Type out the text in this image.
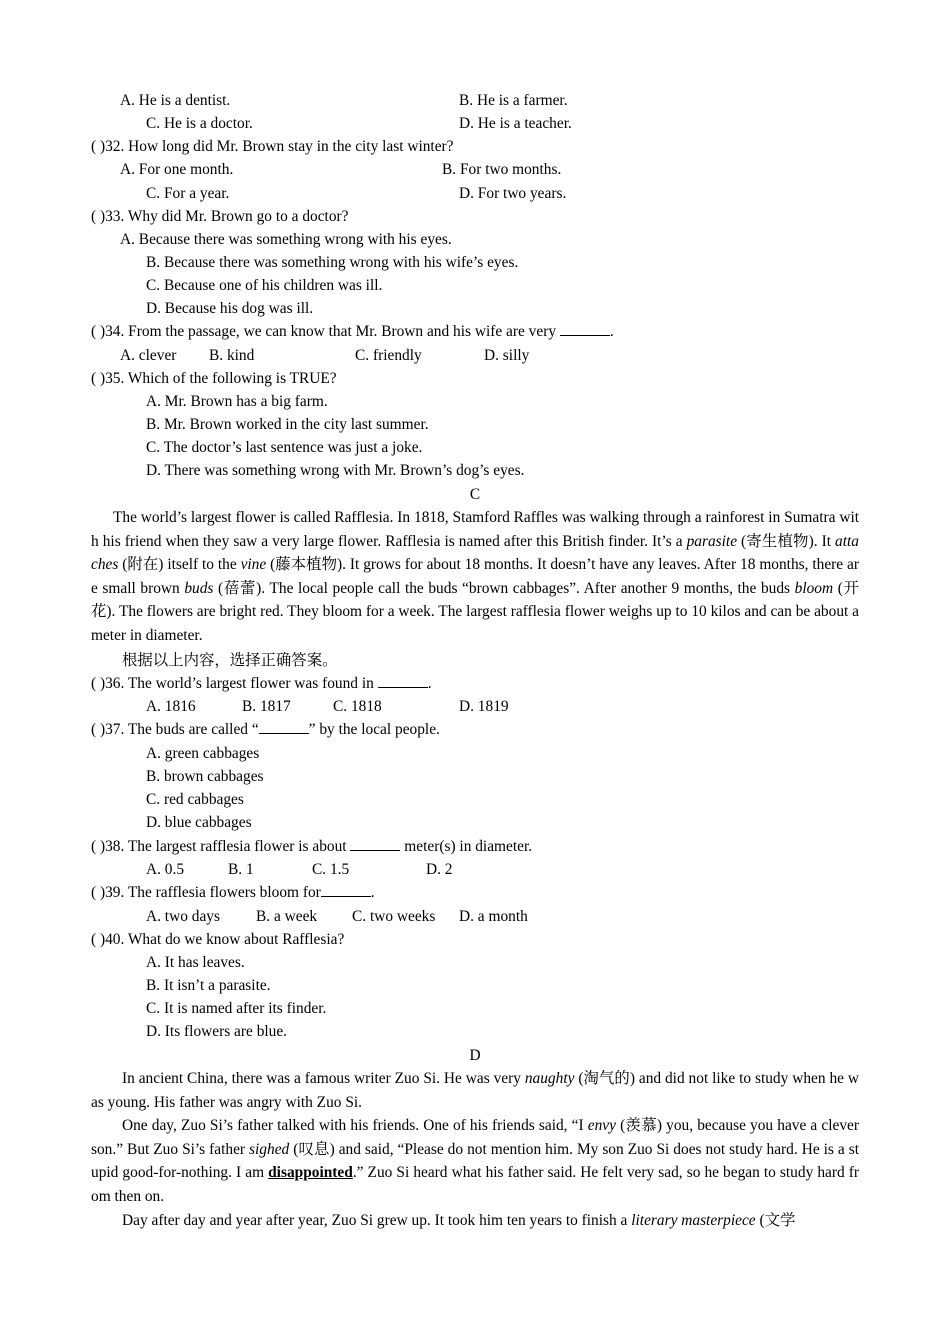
A. He is a dentist.	B. He is a farmer.
C. He is a doctor.	D. He is a teacher.
( )32. How long did Mr. Brown stay in the city last winter?
A. For one month.	B. For two months.
C. For a year.	D. For two years.
( )33. Why did Mr. Brown go to a doctor?
A. Because there was something wrong with his eyes.
B. Because there was something wrong with his wife’s eyes.
C. Because one of his children was ill.
D. Because his dog was ill.
( )34. From the passage, we can know that Mr. Brown and his wife are very	.
A. clever B. kind	C. friendly	D. silly
( )35. Which of the following is TRUE?
A. Mr. Brown has a big farm.
B. Mr. Brown worked in the city last summer.
C. The doctor’s last sentence was just a joke.
D. There was something wrong with Mr. Brown’s dog’s eyes.
C
The world’s largest flower is called Rafflesia. In 1818, Stamford Raffles was walking through a rainforest in Sumatra with his friend when they saw a very large flower. Rafflesia is named after this British finder. It’s a parasite (寄生植物). It attaches (附在) itself to the vine (藤本植物). It grows for about 18 months. It doesn’t have any leaves. After 18 months, there are small brown buds (蓓蕾). The local people call the buds “brown cabbages”. After another 9 months, the buds bloom (开花). The flowers are bright red. They bloom for a week. The largest rafflesia flower weighs up to 10 kilos and can be about a meter in diameter.
根据以上内容，选择正确答案。
( )36. The world’s largest flower was found in	.
A. 1816	B. 1817	C. 1818	D. 1819
( )37. The buds are called “	” by the local people.
A. green cabbages
B. brown cabbages
C. red cabbages
D. blue cabbages
( )38. The largest rafflesia flower is about	meter(s) in diameter.
A. 0.5	B. 1	C. 1.5	D. 2
( )39. The rafflesia flowers bloom for	.
A. two days B. a week C. two weeks D. a month
( )40. What do we know about Rafflesia?
A. It has leaves.
B. It isn’t a parasite.
C. It is named after its finder.
D. Its flowers are blue.
D
In ancient China, there was a famous writer Zuo Si. He was very naughty (淘气的) and did not like to study when he was young. His father was angry with Zuo Si.
One day, Zuo Si’s father talked with his friends. One of his friends said, “I envy (羡慕) you, because you have a clever son.” But Zuo Si’s father sighed (叹息) and said, “Please do not mention him. My son Zuo Si does not study hard. He is a stupid good-for-nothing. I am disappointed.” Zuo Si heard what his father said. He felt very sad, so he began to study hard from then on.
Day after day and year after year, Zuo Si grew up. It took him ten years to finish a literary masterpiece (文学
